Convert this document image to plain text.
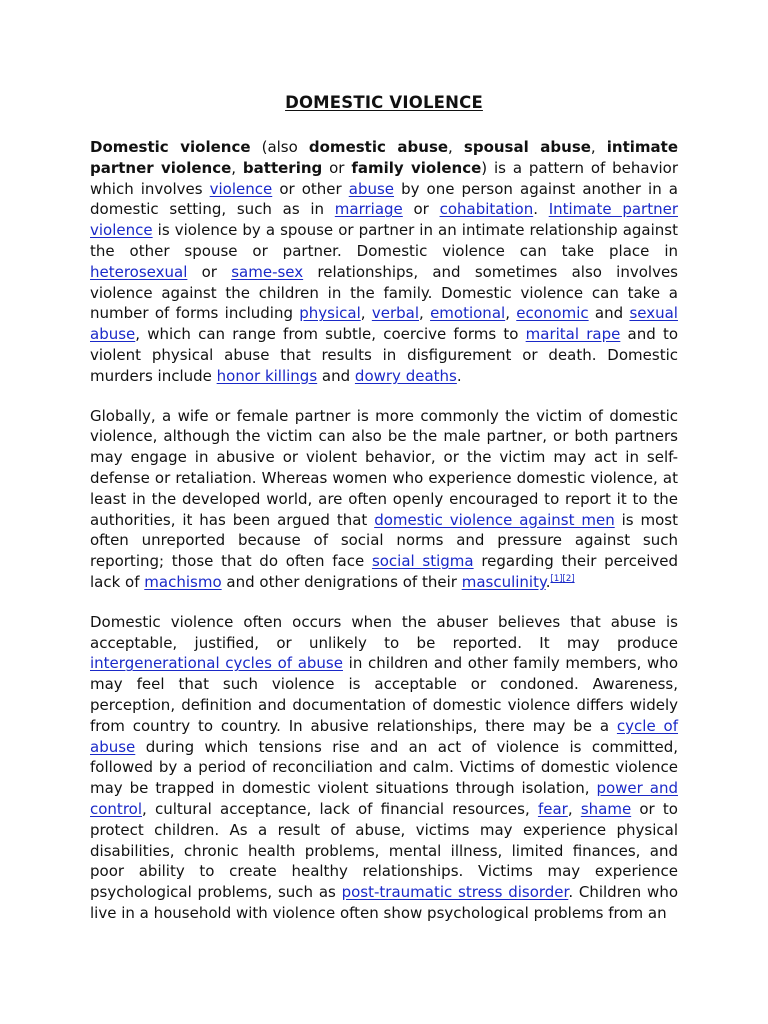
DOMESTIC VIOLENCE

Domestic violence (also domestic abuse, spousal abuse, intimate partner violence, battering or family violence) is a pattern of behavior which involves violence or other abuse by one person against another in a domestic setting, such as in marriage or cohabitation. Intimate partner violence is violence by a spouse or partner in an intimate relationship against the other spouse or partner. Domestic violence can take place in heterosexual or same-sex relationships, and sometimes also involves violence against the children in the family. Domestic violence can take a number of forms including physical, verbal, emotional, economic and sexual abuse, which can range from subtle, coercive forms to marital rape and to violent physical abuse that results in disfigurement or death. Domestic murders include honor killings and dowry deaths.

Globally, a wife or female partner is more commonly the victim of domestic violence, although the victim can also be the male partner, or both partners may engage in abusive or violent behavior, or the victim may act in self-defense or retaliation. Whereas women who experience domestic violence, at least in the developed world, are often openly encouraged to report it to the authorities, it has been argued that domestic violence against men is most often unreported because of social norms and pressure against such reporting; those that do often face social stigma regarding their perceived lack of machismo and other denigrations of their masculinity.[1][2]

Domestic violence often occurs when the abuser believes that abuse is acceptable, justified, or unlikely to be reported. It may produce intergenerational cycles of abuse in children and other family members, who may feel that such violence is acceptable or condoned. Awareness, perception, definition and documentation of domestic violence differs widely from country to country. In abusive relationships, there may be a cycle of abuse during which tensions rise and an act of violence is committed, followed by a period of reconciliation and calm. Victims of domestic violence may be trapped in domestic violent situations through isolation, power and control, cultural acceptance, lack of financial resources, fear, shame or to protect children. As a result of abuse, victims may experience physical disabilities, chronic health problems, mental illness, limited finances, and poor ability to create healthy relationships. Victims may experience psychological problems, such as post-traumatic stress disorder. Children who live in a household with violence often show psychological problems from an
